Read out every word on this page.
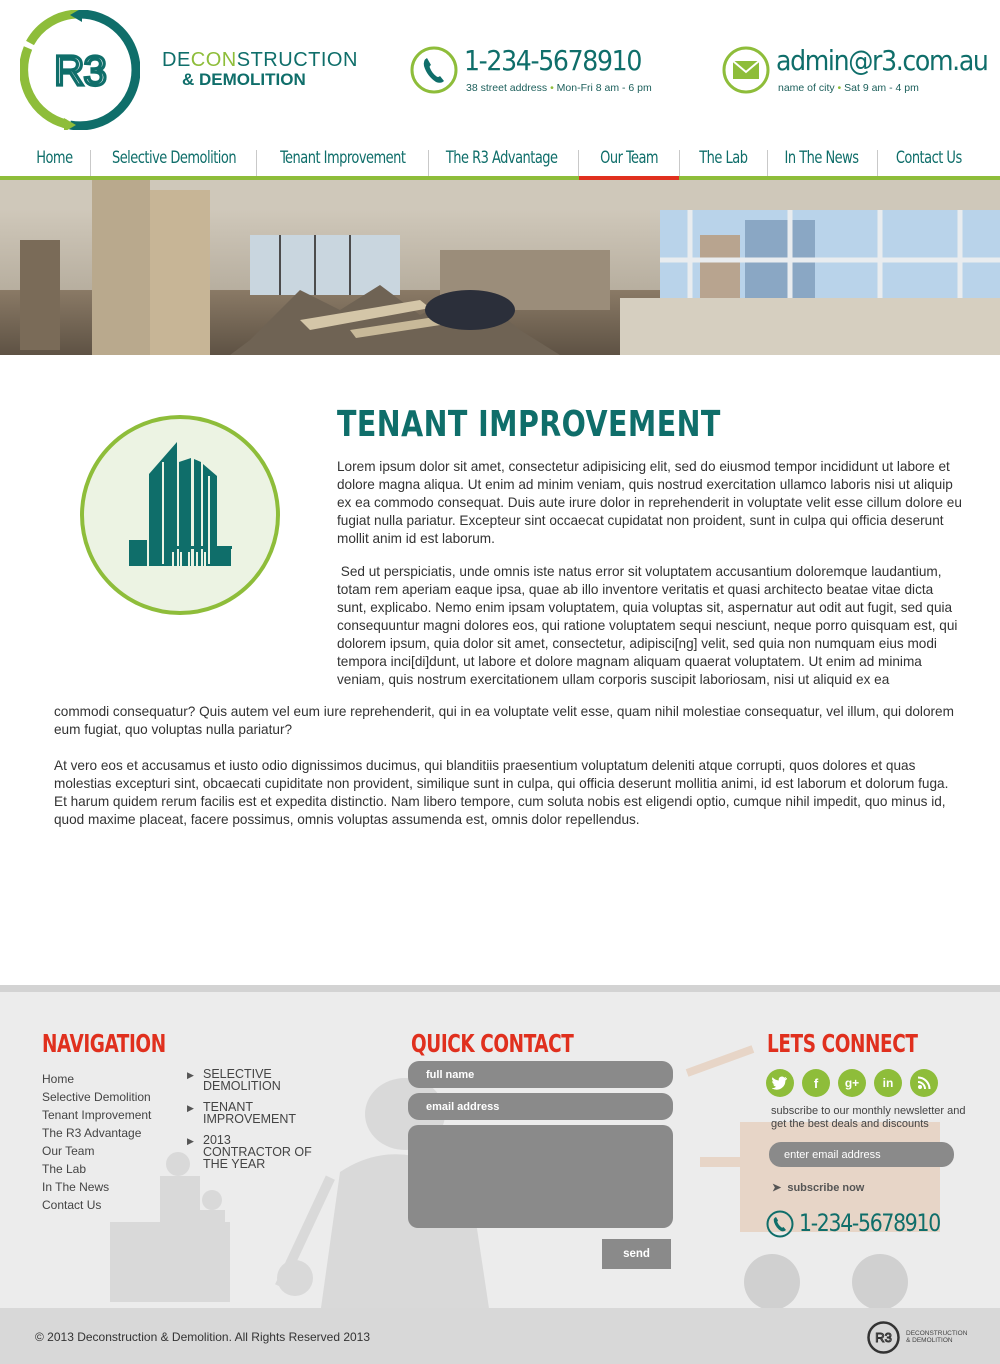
R3	DECONSTRUCTION
& DEMOLITION
1-234-5678910
38 street address • Mon-Fri 8 am - 6 pm
admin@r3.com.au
name of city • Sat 9 am - 4 pm
Home Selective Demolition	Tenant Improvement The R3 Advantage	Our Team The Lab In The News Contact Us
TENANT IMPROVEMENT

Lorem ipsum dolor sit amet, consectetur adipisicing elit, sed do eiusmod tempor incididunt ut labore et dolore magna aliqua. Ut enim ad minim veniam, quis nostrud exercitation ullamco laboris nisi ut aliquip ex ea commodo consequat. Duis aute irure dolor in reprehenderit in voluptate velit esse cillum dolore eu fugiat nulla pariatur. Excepteur sint occaecat cupidatat non proident, sunt in culpa qui officia deserunt mollit anim id est laborum.

Sed ut perspiciatis, unde omnis iste natus error sit voluptatem accusantium doloremque laudantium, totam rem aperiam eaque ipsa, quae ab illo inventore veritatis et quasi architecto beatae vitae dicta sunt, explicabo. Nemo enim ipsam voluptatem, quia voluptas sit, aspernatur aut odit aut fugit, sed quia consequuntur magni dolores eos, qui ratione voluptatem sequi nesciunt, neque porro quisquam est, qui dolorem ipsum, quia dolor sit amet, consectetur, adipisci[ng] velit, sed quia non numquam eius modi tempora inci[di]dunt, ut labore et dolore magnam aliquam quaerat voluptatem. Ut enim ad minima veniam, quis nostrum exercitationem ullam corporis suscipit laboriosam, nisi ut aliquid ex ea

commodi consequatur? Quis autem vel eum iure reprehenderit, qui in ea voluptate velit esse, quam nihil molestiae consequatur, vel illum, qui dolorem eum fugiat, quo voluptas nulla pariatur?

At vero eos et accusamus et iusto odio dignissimos ducimus, qui blanditiis praesentium voluptatum deleniti atque corrupti, quos dolores et quas molestias excepturi sint, obcaecati cupiditate non provident, similique sunt in culpa, qui officia deserunt mollitia animi, id est laborum et dolorum fuga. Et harum quidem rerum facilis est et expedita distinctio. Nam libero tempore, cum soluta nobis est eligendi optio, cumque nihil impedit, quo minus id, quod maxime placeat, facere possimus, omnis voluptas assumenda est, omnis dolor repellendus.

NAVIGATION
Home
Selective Demolition
Tenant Improvement
The R3 Advantage
Our Team
The Lab
In The News
Contact Us
▶ SELECTIVE DEMOLITION
▶ TENANT IMPROVEMENT
▶ 2013 CONTRACTOR OF THE YEAR
QUICK CONTACT
full name
email address
send
LETS CONNECT
f	g+	in
subscribe to our monthly newsletter and get the best deals and discounts
enter email address
➤  subscribe now
1-234-5678910
© 2013 Deconstruction & Demolition. All Rights Reserved 2013	R3 DECONSTRUCTION
& DEMOLITION
